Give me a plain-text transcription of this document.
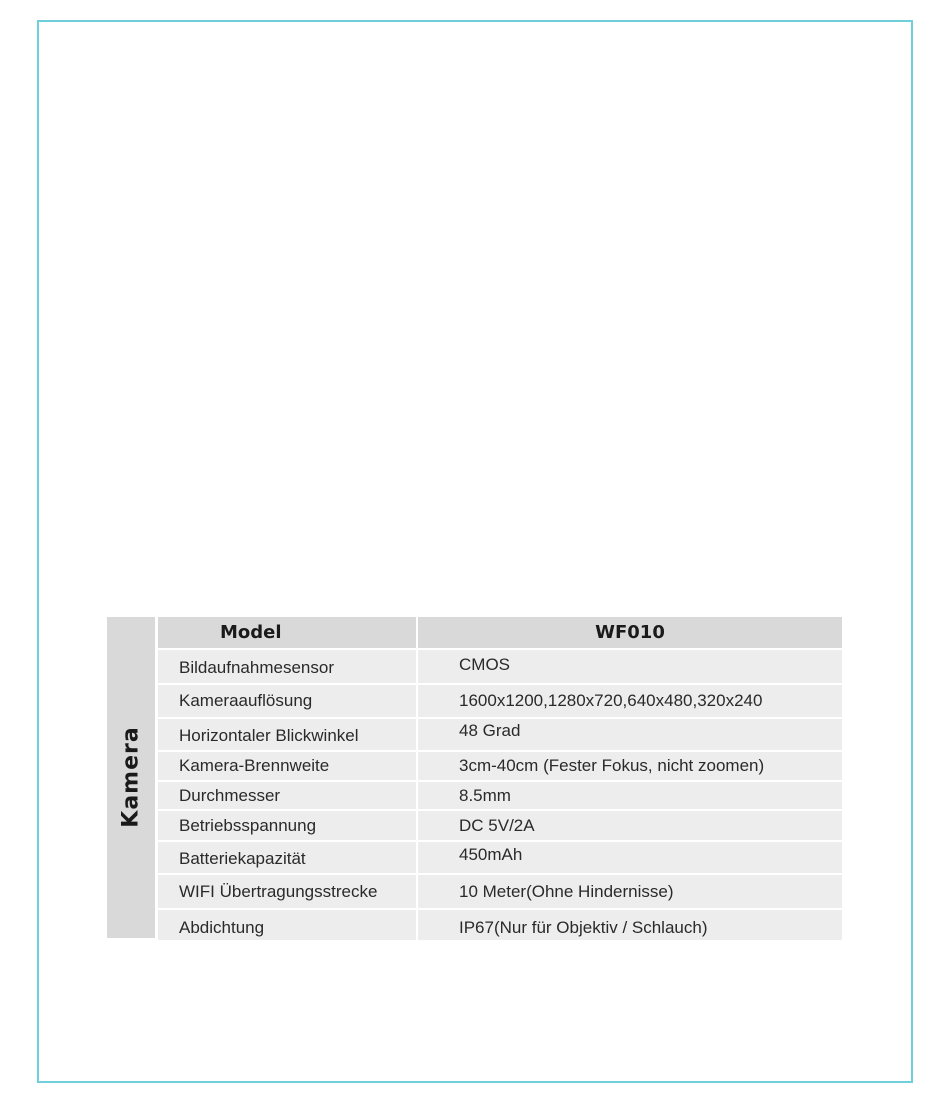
Kamera
Model	WF010
Bildaufnahmesensor	CMOS
Kameraauflösung	1600x1200,1280x720,640x480,320x240
Horizontaler Blickwinkel	48 Grad
Kamera-Brennweite	3cm-40cm (Fester Fokus, nicht zoomen)
Durchmesser	8.5mm
Betriebsspannung	DC 5V/2A
Batteriekapazität	450mAh
WIFI Übertragungsstrecke	10 Meter(Ohne Hindernisse)
Abdichtung	IP67(Nur für Objektiv / Schlauch)
